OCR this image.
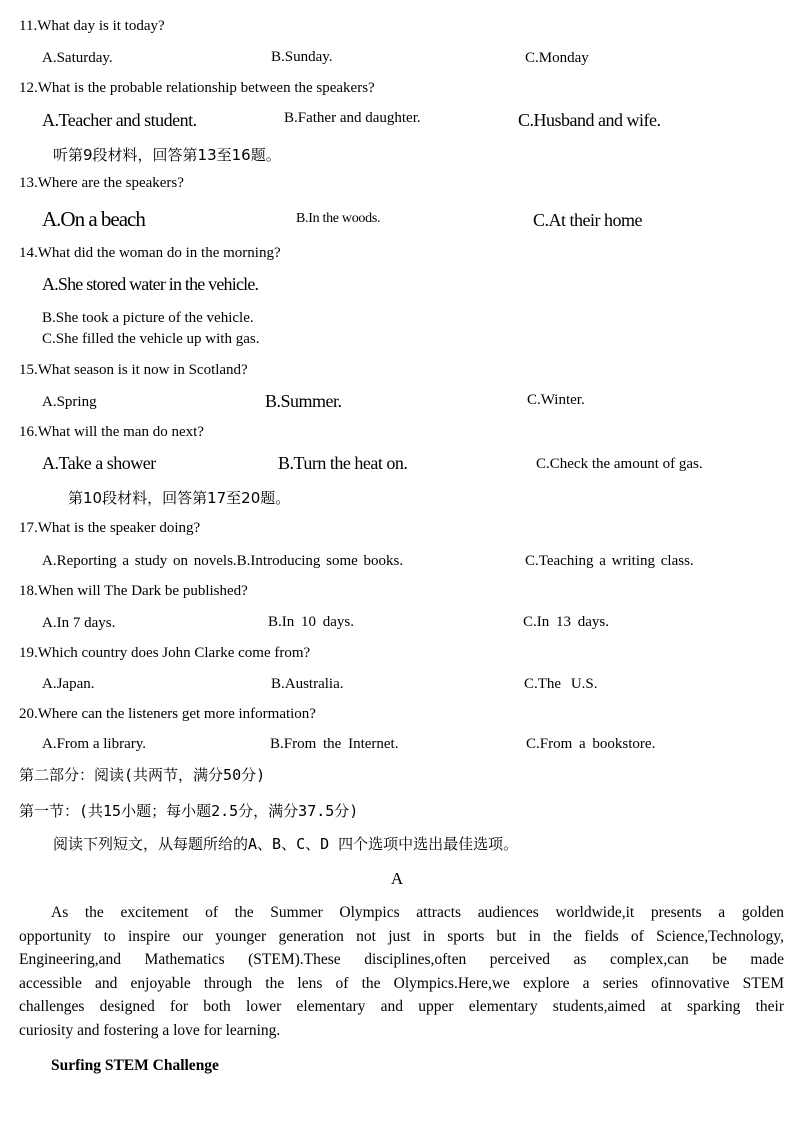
11.What day is it today?
A.Saturday.	B.Sunday.	C.Monday
12.What is the probable relationship between the speakers?
A.Teacher and student.	B.Father and daughter.	C.Husband and wife.
听第9段材料，回答第13至16题。
13.Where are the speakers?
A.On a beach	B.In the woods.	C.At their home
14.What did the woman do in the morning?
A.She stored water in the vehicle.
B.She took a picture of the vehicle.
C.She filled the vehicle up with gas.
15.What season is it now in Scotland?
A.Spring	B.Summer.	C.Winter.
16.What will the man do next?
A.Take a shower	B.Turn the heat on.	C.Check the amount of gas.
第10段材料，回答第17至20题。
17.What is the speaker doing?
A.Reporting a study on novels.B.Introducing some books.	C.Teaching a writing class.
18.When will The Dark be published?
A.In 7 days.	B.In 10 days.	C.In 13 days.
19.Which country does John Clarke come from?
A.Japan.	B.Australia.	C.The U.S.
20.Where can the listeners get more information?
A.From a library.	B.From the Internet.	C.From a bookstore.
第二部分：阅读(共两节，满分50分)
第一节：(共15小题；每小题2.5分，满分37.5分)
阅读下列短文，从每题所给的A、B、C、D 四个选项中选出最佳选项。
A
As the excitement of the Summer Olympics attracts audiences worldwide,it presents a golden
opportunity to inspire our younger generation not just in sports but in the fields of Science,Technology,
Engineering,and Mathematics (STEM).These disciplines,often perceived as complex,can be made
accessible and enjoyable through the lens of the Olympics.Here,we explore a series ofinnovative STEM
challenges designed for both lower elementary and upper elementary students,aimed at sparking their
curiosity and fostering a love for learning.
Surfing STEM Challenge
